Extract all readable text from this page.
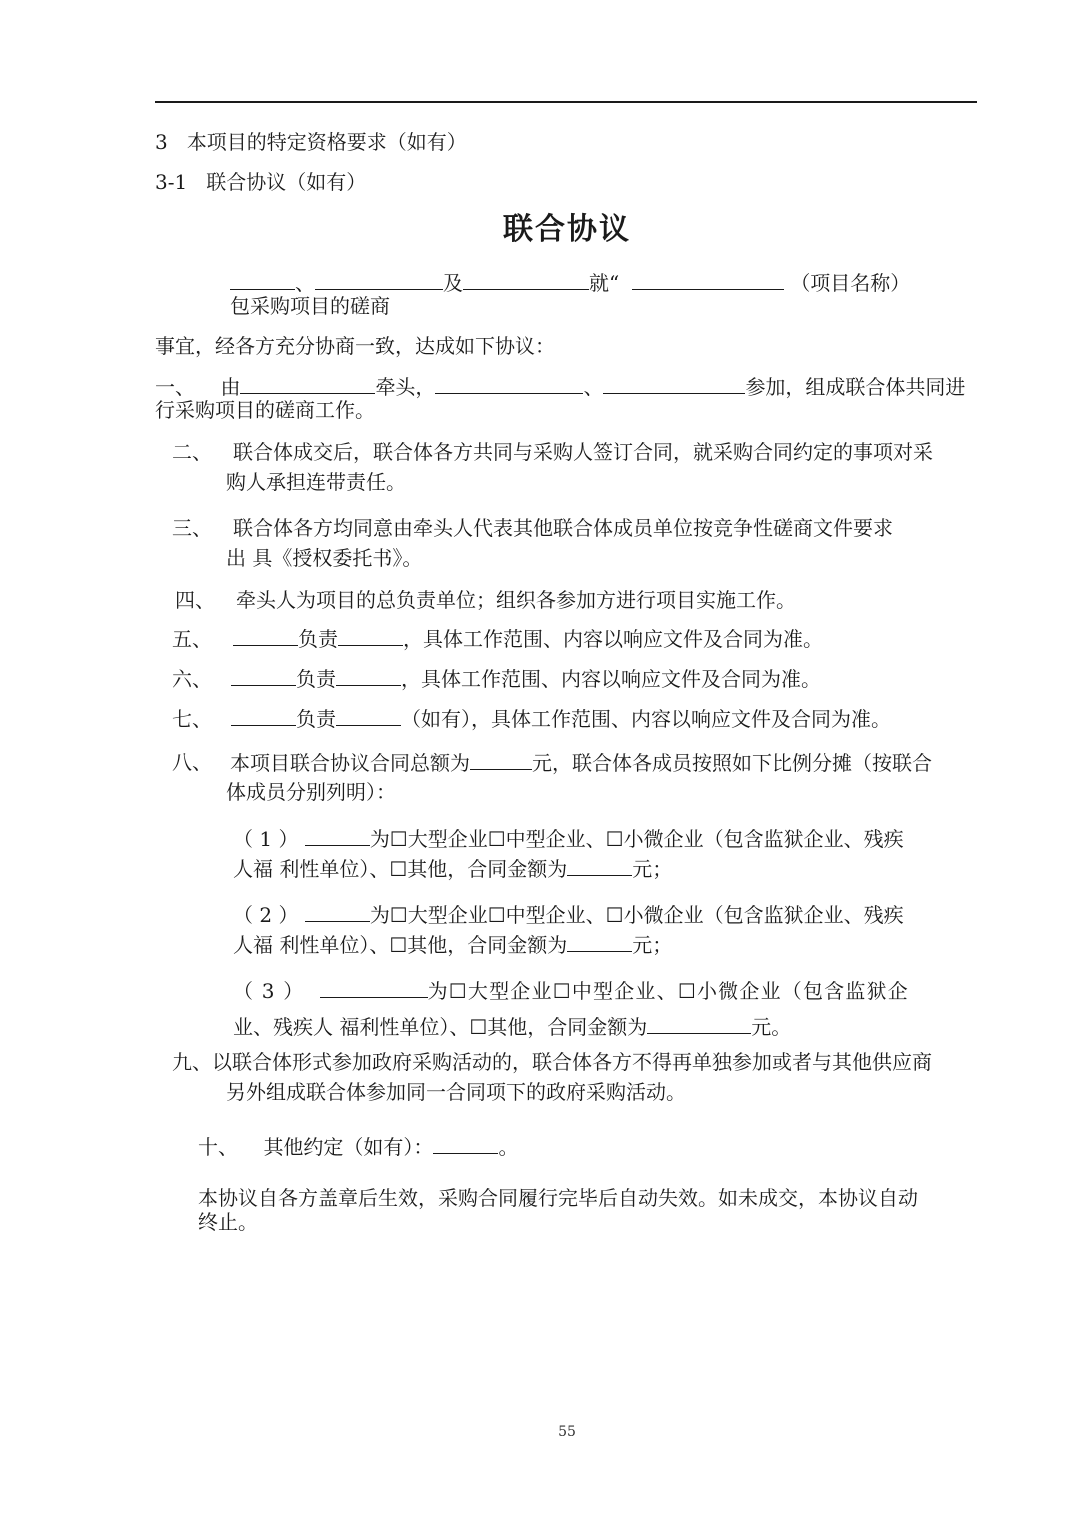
3 本项目的特定资格要求（如有）
3-1 联合协议（如有）
联合协议
、	及	就“	（项目名称）
包采购项目的磋商
事宜，经各方充分协商一致，达成如下协议：
一、 由	牵头，	、	参加，组成联合体共同进
行采购项目的磋商工作。
二、 联合体成交后，联合体各方共同与采购人签订合同，就采购合同约定的事项对采
购人承担连带责任。
三、 联合体各方均同意由牵头人代表其他联合体成员单位按竞争性磋商文件要求
出 具《授权委托书》。
四、 牵头人为项目的总负责单位；组织各参加方进行项目实施工作。
五、	负责	，具体工作范围、内容以响应文件及合同为准。
六、	负责	，具体工作范围、内容以响应文件及合同为准。
七、	负责	（如有），具体工作范围、内容以响应文件及合同为准。
八、 本项目联合协议合同总额为	元，联合体各成员按照如下比例分摊（按联合
体成员分别列明）：
（ 1 ）	为☐大型企业☐中型企业、☐小微企业（包含监狱企业、残疾
人福 利性单位）、☐其他，合同金额为	元；
（ 2 ）	为☐大型企业☐中型企业、☐小微企业（包含监狱企业、残疾
人福 利性单位）、☐其他，合同金额为	元；
（ 3 ）	为☐大型企业☐中型企业、☐小微企业（包含监狱企
业、残疾人 福利性单位）、☐其他，合同金额为	元。
九、以联合体形式参加政府采购活动的，联合体各方不得再单独参加或者与其他供应商
另外组成联合体参加同一合同项下的政府采购活动。
十、 其他约定（如有）：	。
本协议自各方盖章后生效，采购合同履行完毕后自动失效。如未成交，本协议自动
终止。
55
